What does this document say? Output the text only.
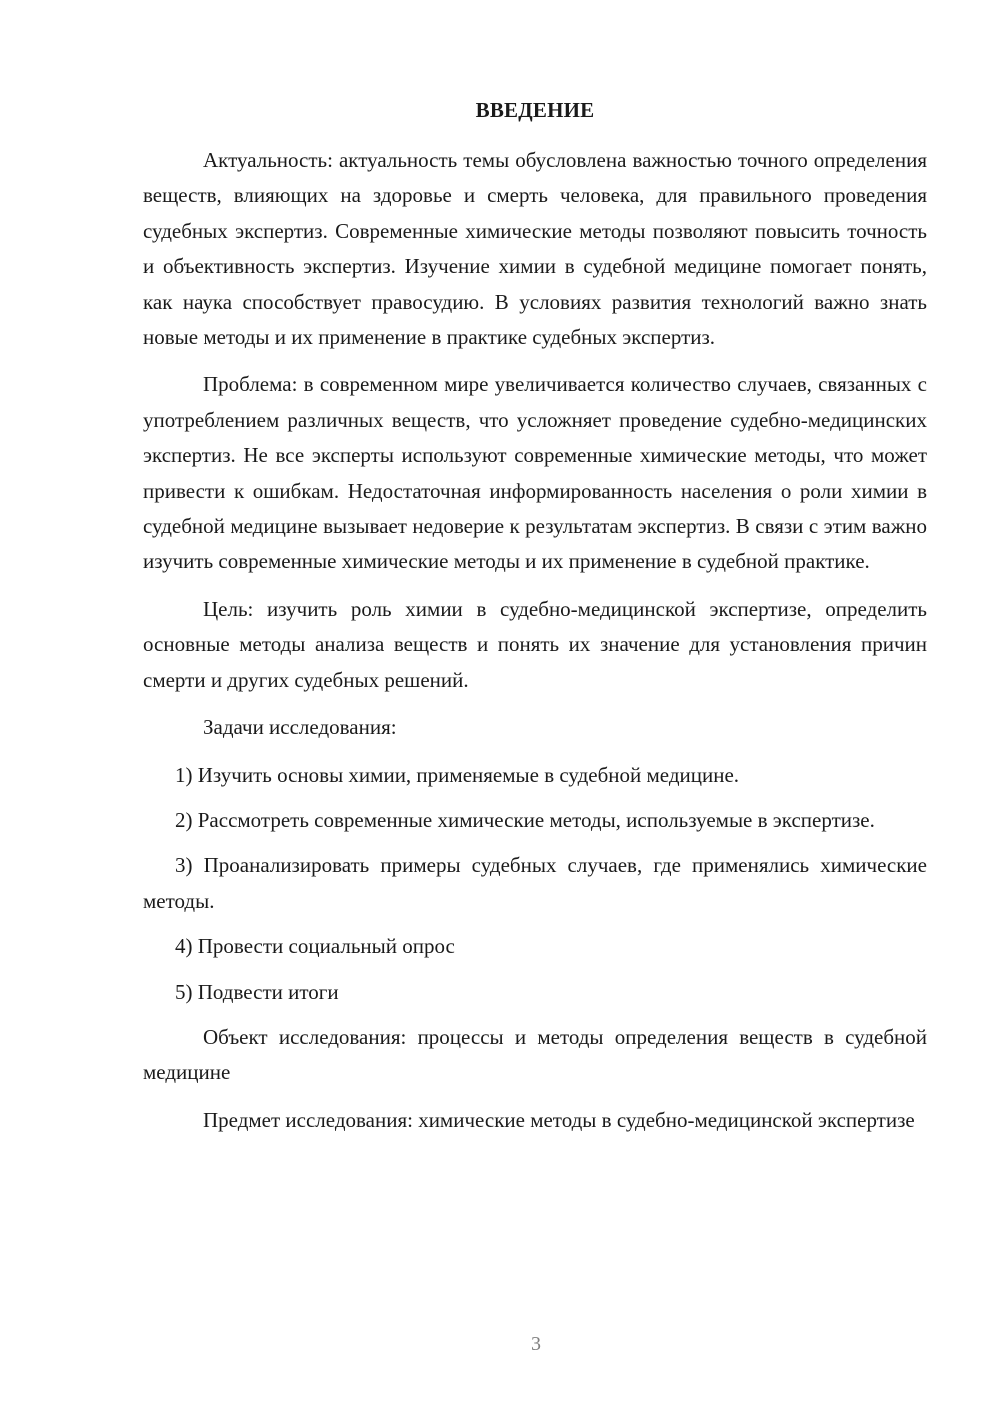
ВВЕДЕНИЕ

Актуальность: актуальность темы обусловлена важностью точного определения веществ, влияющих на здоровье и смерть человека, для правильного проведения судебных экспертиз. Современные химические методы позволяют повысить точность и объективность экспертиз. Изучение химии в судебной медицине помогает понять, как наука способствует правосудию. В условиях развития технологий важно знать новые методы и их применение в практике судебных экспертиз.

Проблема: в современном мире увеличивается количество случаев, связанных с употреблением различных веществ, что усложняет проведение судебно-медицинских экспертиз. Не все эксперты используют современные химические методы, что может привести к ошибкам. Недостаточная информированность населения о роли химии в судебной медицине вызывает недоверие к результатам экспертиз. В связи с этим важно изучить современные химические методы и их применение в судебной практике.

Цель: изучить роль химии в судебно-медицинской экспертизе, определить основные методы анализа веществ и понять их значение для установления причин смерти и других судебных решений.

Задачи исследования:

1) Изучить основы химии, применяемые в судебной медицине.

2) Рассмотреть современные химические методы, используемые в экспертизе.

3) Проанализировать примеры судебных случаев, где применялись химические методы.

4) Провести социальный опрос

5) Подвести итоги

Объект исследования: процессы и методы определения веществ в судебной медицине

Предмет исследования: химические методы в судебно-медицинской экспертизе

3
